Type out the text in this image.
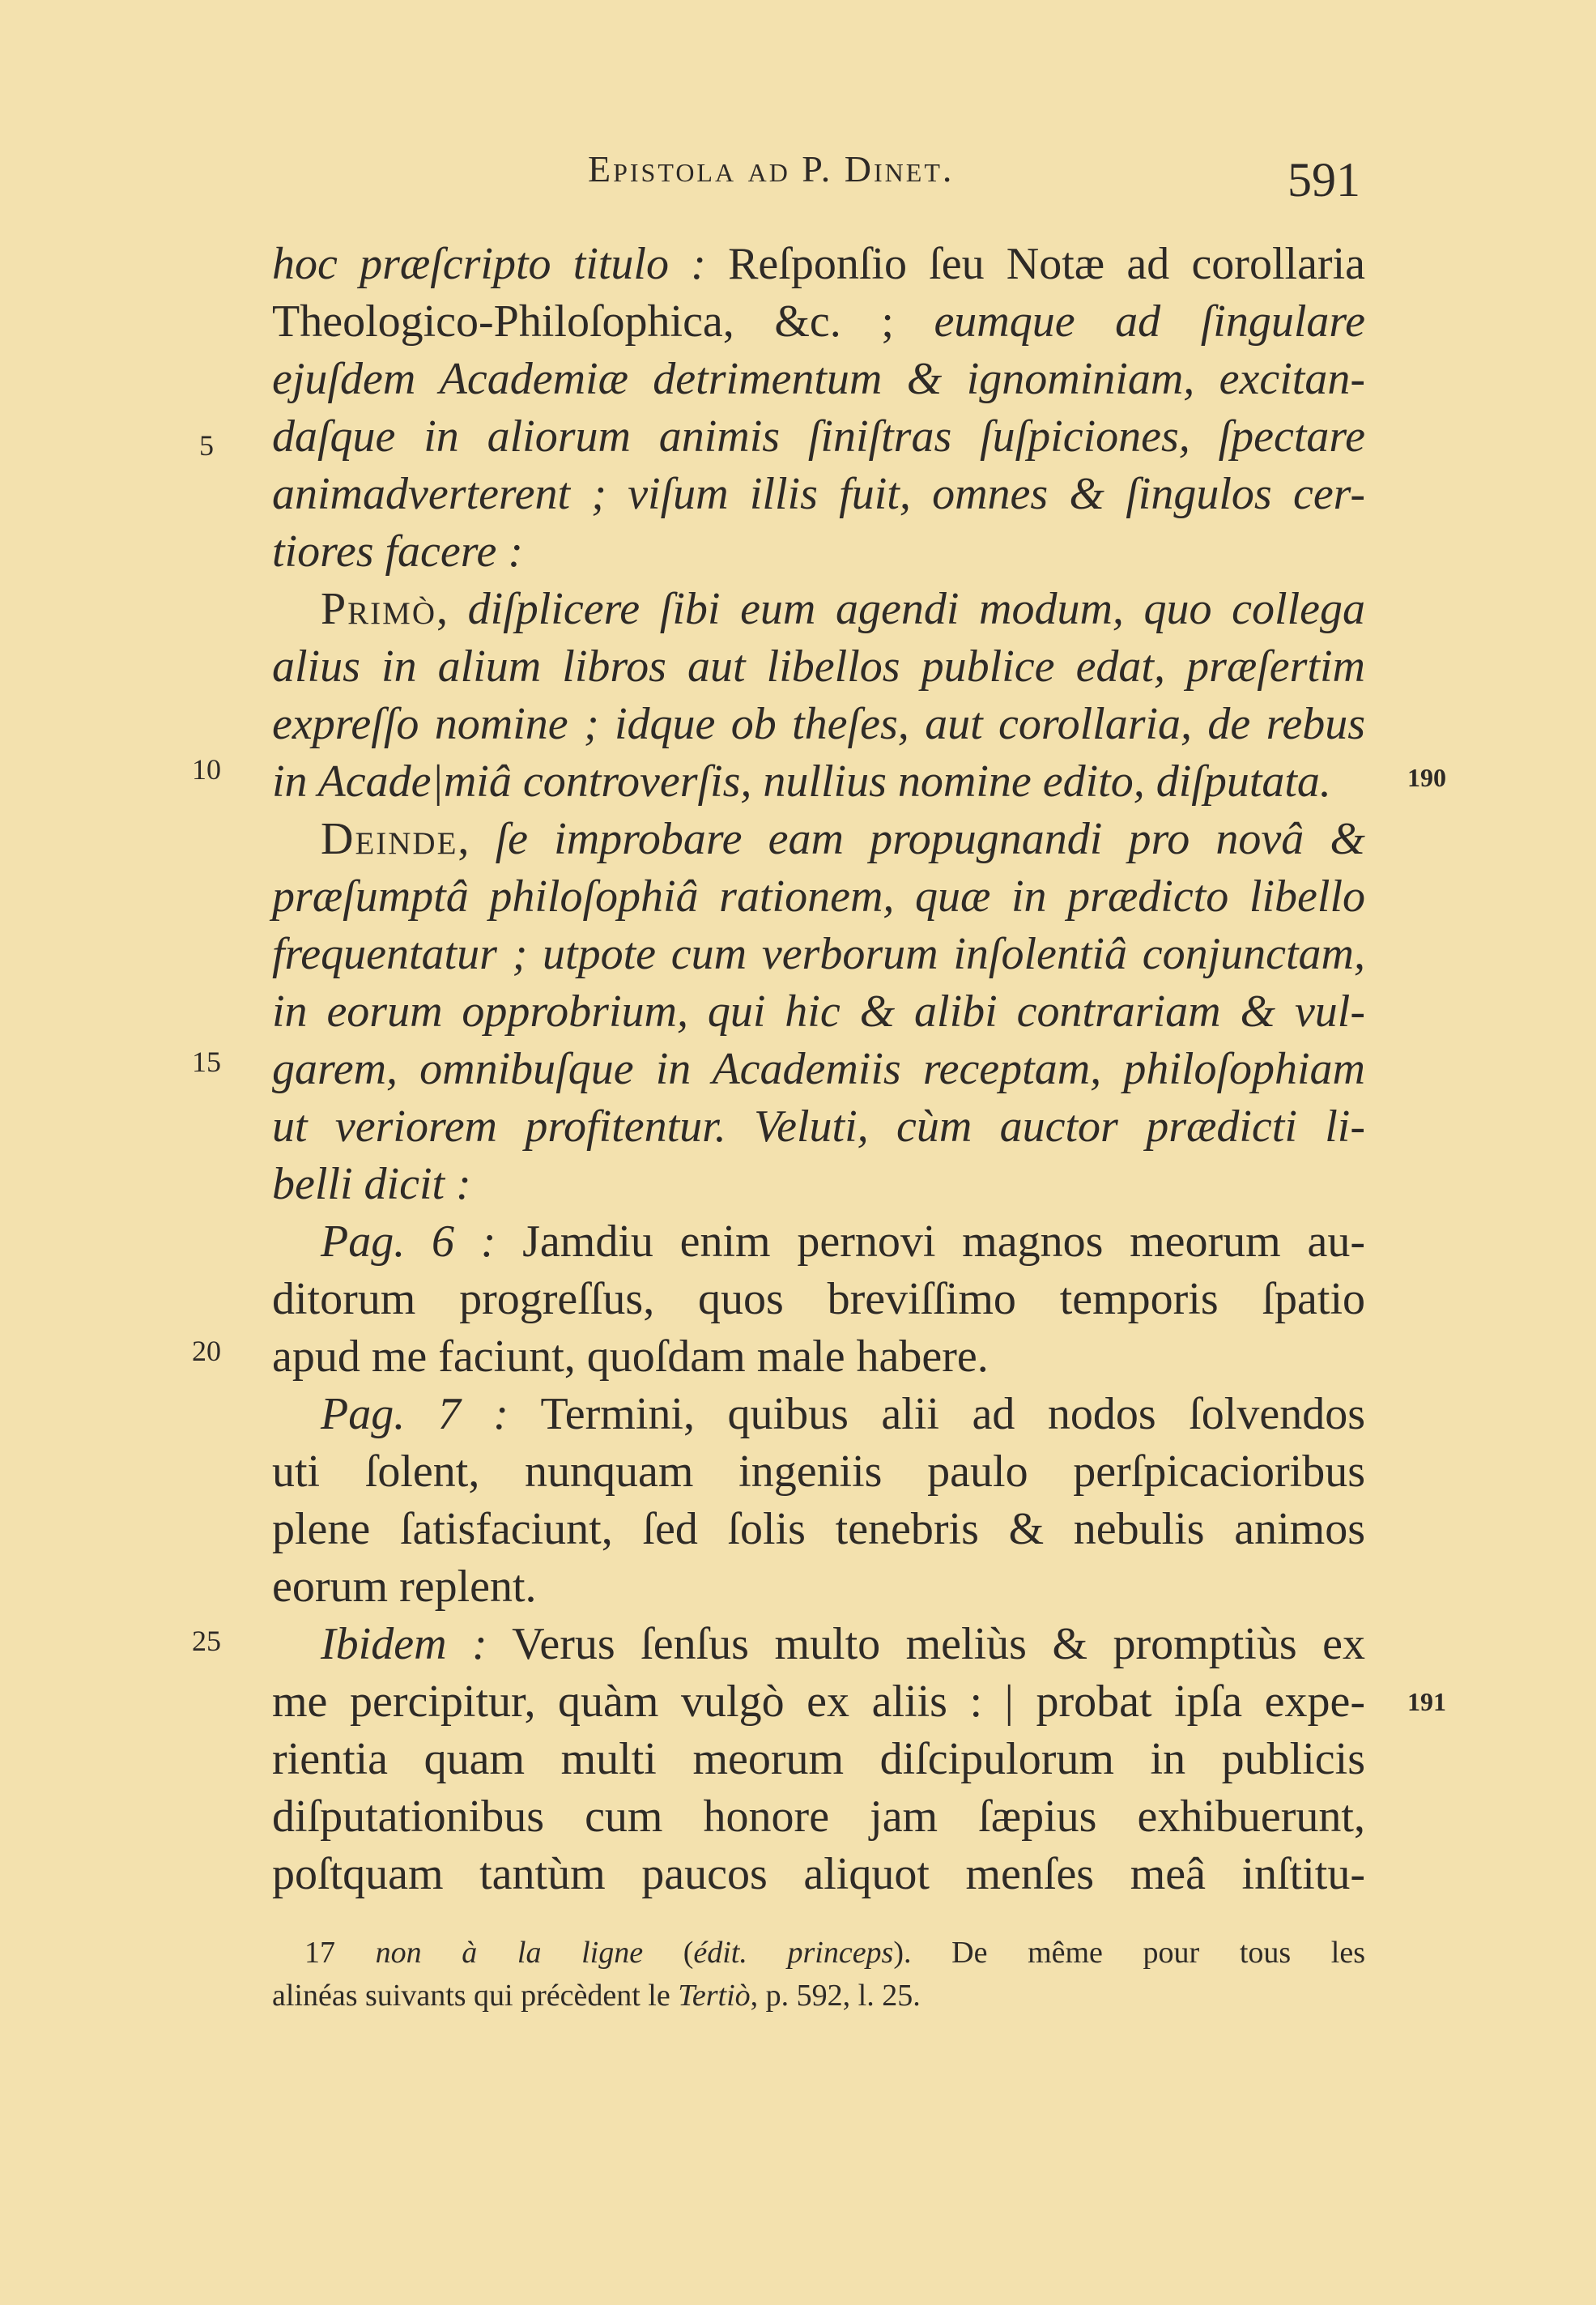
Epistola ad P. Dinet.	591
hoc præſcripto titulo : Reſponſio ſeu Notæ ad corollaria
Theologico-Philoſophica, &c. ; eumque ad ſingulare
ejuſdem Academiæ detrimentum & ignominiam, excitan-
daſque in aliorum animis ſiniſtras ſuſpiciones, ſpectare
animadverterent ; viſum illis fuit, omnes & ſingulos cer-
tiores facere :
Primò, diſplicere ſibi eum agendi modum, quo collega
alius in alium libros aut libellos publice edat, præſertim
expreſſo nomine ; idque ob theſes, aut corollaria, de rebus
in Acade|miâ controverſis, nullius nomine edito, diſputata.
Deinde, ſe improbare eam propugnandi pro novâ &
præſumptâ philoſophiâ rationem, quæ in prædicto libello
frequentatur ; utpote cum verborum inſolentiâ conjunctam,
in eorum opprobrium, qui hic & alibi contrariam & vul-
garem, omnibuſque in Academiis receptam, philoſophiam
ut veriorem profitentur. Veluti, cùm auctor prædicti li-
belli dicit :
Pag. 6 : Jamdiu enim pernovi magnos meorum au-
ditorum progreſſus, quos breviſſimo temporis ſpatio
apud me faciunt, quoſdam male habere.
Pag. 7 : Termini, quibus alii ad nodos ſolvendos
uti ſolent, nunquam ingeniis paulo perſpicacioribus
plene ſatisfaciunt, ſed ſolis tenebris & nebulis animos
eorum replent.
Ibidem : Verus ſenſus multo meliùs & promptiùs ex
me percipitur, quàm vulgò ex aliis : | probat ipſa expe-
rientia quam multi meorum diſcipulorum in publicis
diſputationibus cum honore jam ſæpius exhibuerunt,
poſtquam tantùm paucos aliquot menſes meâ inſtitu-
5
10
15
20
25
190
191
17 non à la ligne (édit. princeps). De même pour tous les
alinéas suivants qui précèdent le Tertiò, p. 592, l. 25.
